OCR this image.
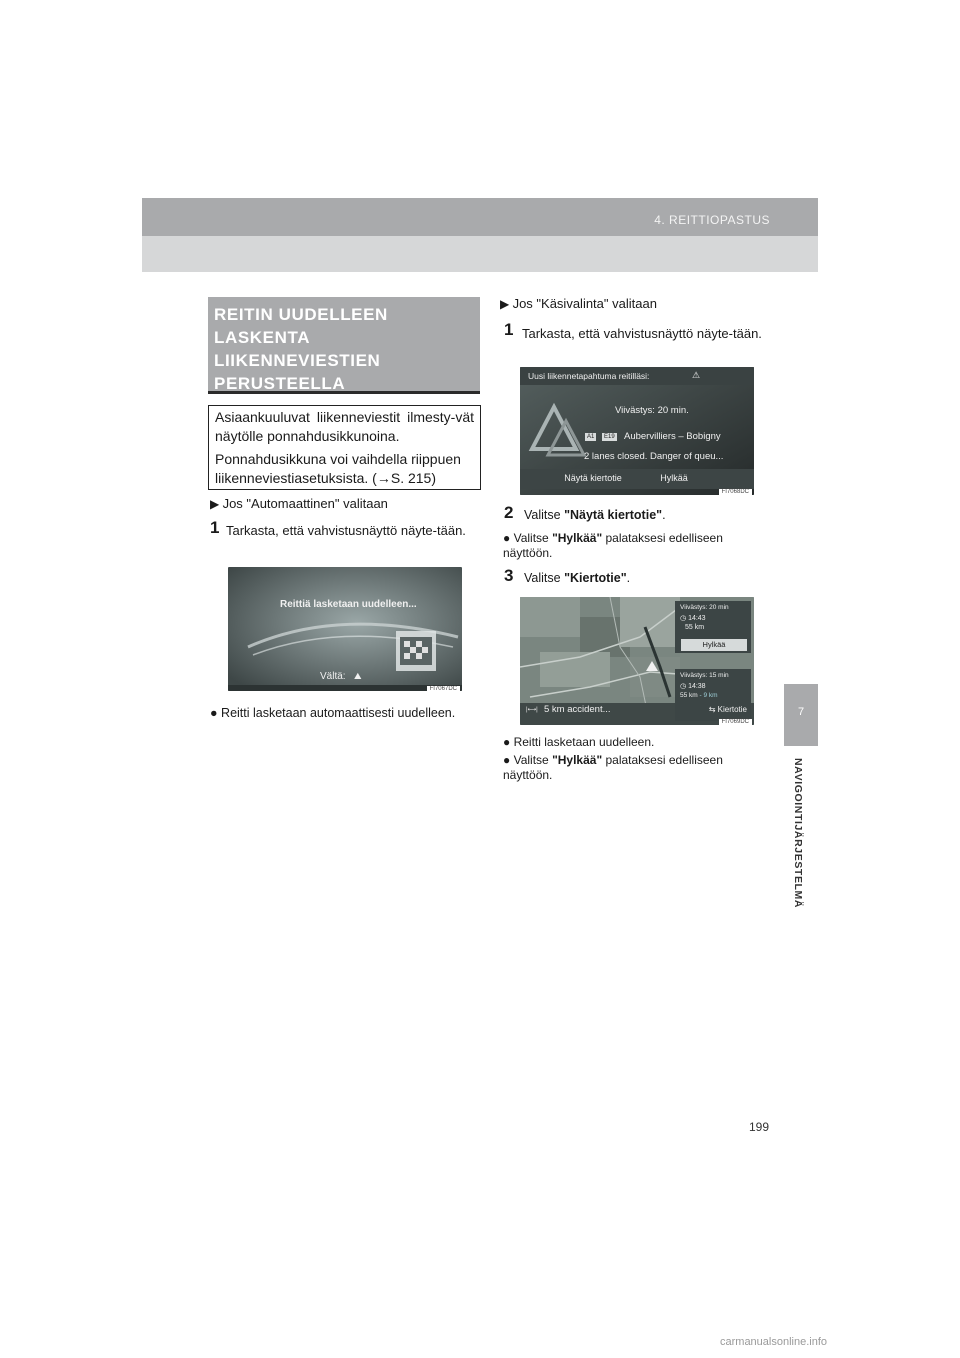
4. REITTIOPASTUS
7
NAVIGOINTIJÄRJESTELMÄ
REITIN UUDELLEEN LASKENTA LIIKENNEVIESTIEN PERUSTEELLA

Asiaankuuluvat liikenneviestit ilmesty-vät näytölle ponnahdusikkunoina.

Ponnahdusikkuna voi vaihdella riippuen liikenneviestiasetuksista. (→S. 215)

▶ Jos "Automaattinen" valitaan
1 Tarkasta, että vahvistusnäyttö näyte-tään.
Reittiä lasketaan uudelleen...
Vältä: ⛰
FI7067DC
● Reitti lasketaan automaattisesti uudelleen.
▶ Jos "Käsivalinta" valitaan
1 Tarkasta, että vahvistusnäyttö näyte-tään.
Uusi liikennetapahtuma reitilläsi:	⚠
Viivästys: 20 min.
A1	E19 Aubervilliers – Bobigny
2 lanes closed. Danger of queu...
Näytä kiertotie	Hylkää
FI7068DC
2 Valitse "Näytä kiertotie".
● Valitse "Hylkää" palataksesi edelliseen näyttöön.
3 Valitse "Kiertotie".
Viivästys: 20 min
◷ 14:43
55 km
Hylkää
Viivästys: 15 min
◷ 14:38
55 km - 9 km
⇆ Kiertotie
|⟷| 5 km accident...
FI7069DC
● Reitti lasketaan uudelleen.
● Valitse "Hylkää" palataksesi edelliseen näyttöön.
199
carmanualsonline.info
